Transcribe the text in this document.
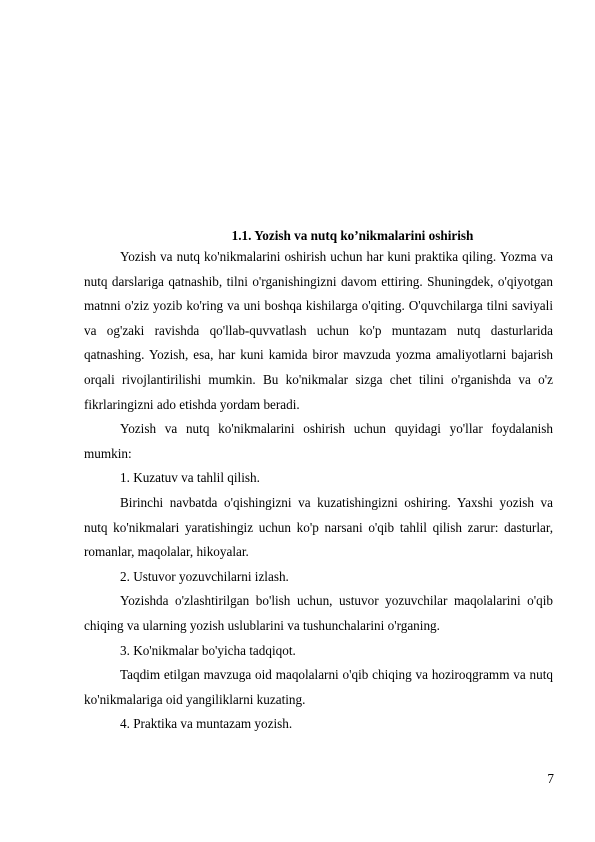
1.1. Yozish va nutq ko’nikmalarini oshirish

Yozish va nutq ko'nikmalarini oshirish uchun har kuni praktika qiling. Yozma va nutq darslariga qatnashib, tilni o'rganishingizni davom ettiring. Shuningdek, o'qiyotgan matnni o'ziz yozib ko'ring va uni boshqa kishilarga o'qiting. O'quvchilarga tilni saviyali va og'zaki ravishda qo'llab-quvvatlash uchun ko'p muntazam nutq dasturlarida qatnashing. Yozish, esa, har kuni kamida biror mavzuda yozma amaliyotlarni bajarish orqali rivojlantirilishi mumkin. Bu ko'nikmalar sizga chet tilini o'rganishda va o'z fikrlaringizni ado etishda yordam beradi.

Yozish va nutq ko'nikmalarini oshirish uchun quyidagi yo'llar foydalanish mumkin:

1. Kuzatuv va tahlil qilish.

Birinchi navbatda o'qishingizni va kuzatishingizni oshiring. Yaxshi yozish va nutq ko'nikmalari yaratishingiz uchun ko'p narsani o'qib tahlil qilish zarur: dasturlar, romanlar, maqolalar, hikoyalar.

2. Ustuvor yozuvchilarni izlash.

Yozishda o'zlashtirilgan bo'lish uchun, ustuvor yozuvchilar maqolalarini o'qib chiqing va ularning yozish uslublarini va tushunchalarini o'rganing.

3. Ko'nikmalar bo'yicha tadqiqot.

Taqdim etilgan mavzuga oid maqolalarni o'qib chiqing va hoziroqgramm va nutq ko'nikmalariga oid yangiliklarni kuzating.

4. Praktika va muntazam yozish.

7
